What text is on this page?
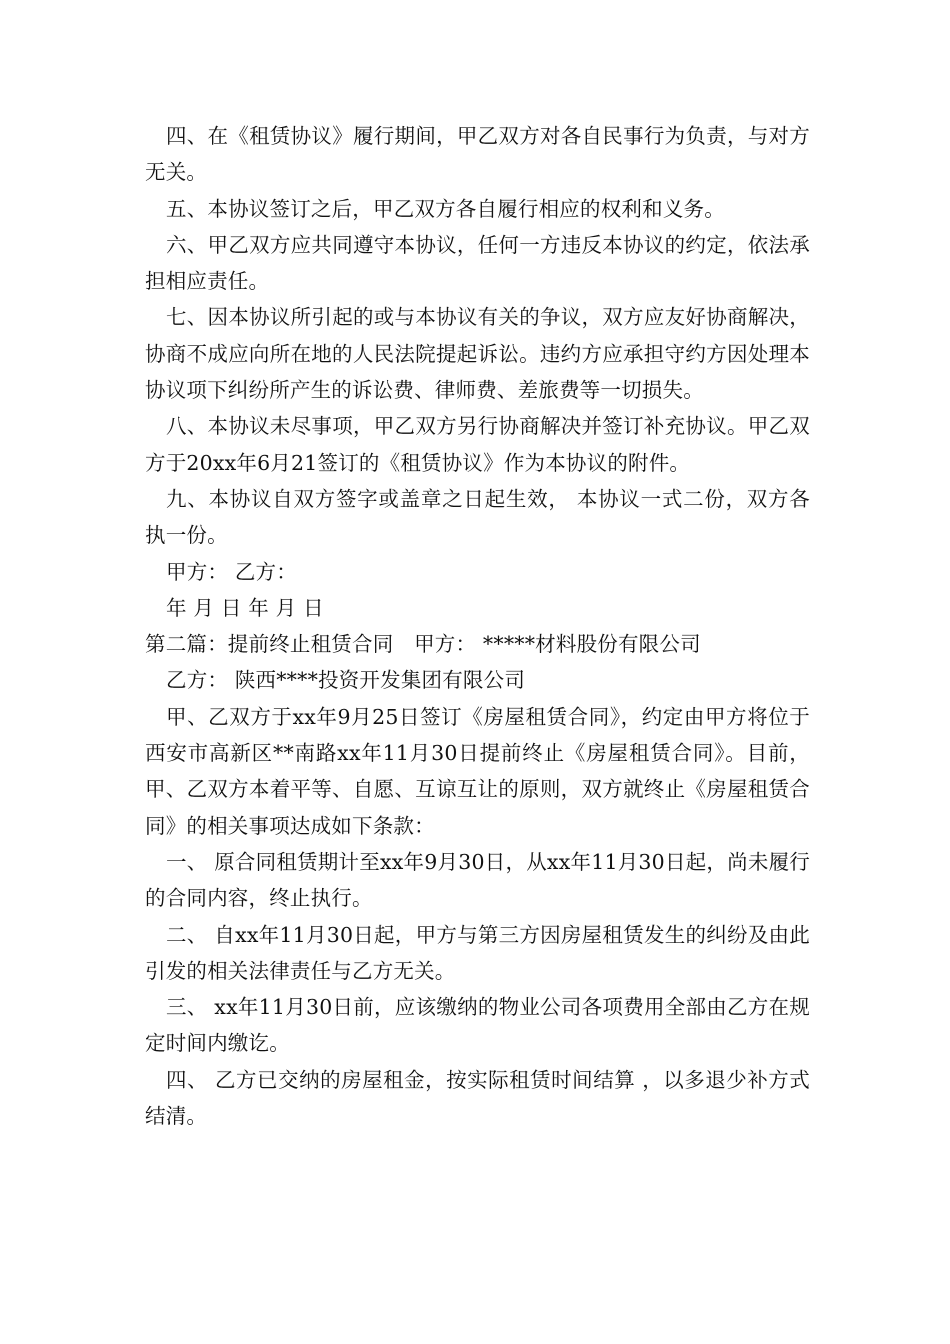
四、在《租赁协议》履行期间，甲乙双方对各自民事行为负责，与对方无关。

五、本协议签订之后，甲乙双方各自履行相应的权利和义务。

六、甲乙双方应共同遵守本协议，任何一方违反本协议的约定，依法承担相应责任。

七、因本协议所引起的或与本协议有关的争议，双方应友好协商解决，协商不成应向所在地的人民法院提起诉讼。违约方应承担守约方因处理本协议项下纠纷所产生的诉讼费、律师费、差旅费等一切损失。

八、本协议未尽事项，甲乙双方另行协商解决并签订补充协议。甲乙双方于20xx年6月21签订的《租赁协议》作为本协议的附件。

九、本协议自双方签字或盖章之日起生效， 本协议一式二份，双方各执一份。

甲方： 乙方：

年 月 日 年 月 日

第二篇：提前终止租赁合同　甲方： *****材料股份有限公司

乙方： 陕西****投资开发集团有限公司

甲、乙双方于xx年9月25日签订《房屋租赁合同》，约定由甲方将位于西安市高新区**南路xx年11月30日提前终止《房屋租赁合同》。目前，甲、乙双方本着平等、自愿、互谅互让的原则，双方就终止《房屋租赁合同》的相关事项达成如下条款：

一、 原合同租赁期计至xx年9月30日，从xx年11月30日起，尚未履行的合同内容，终止执行。

二、 自xx年11月30日起，甲方与第三方因房屋租赁发生的纠纷及由此引发的相关法律责任与乙方无关。

三、 xx年11月30日前，应该缴纳的物业公司各项费用全部由乙方在规定时间内缴讫。

四、 乙方已交纳的房屋租金，按实际租赁时间结算 ，以多退少补方式结清。
